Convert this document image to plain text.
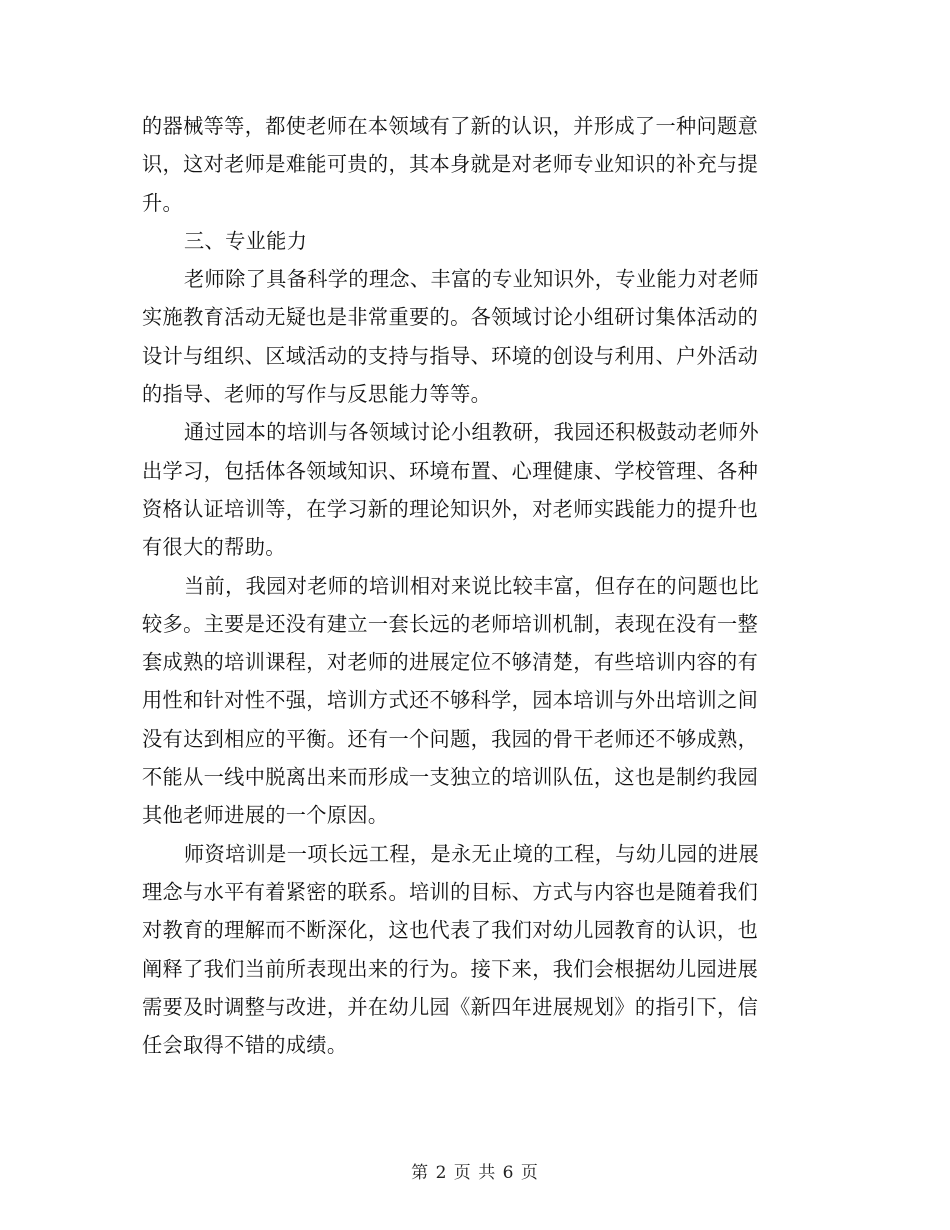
的器械等等，都使老师在本领域有了新的认识，并形成了一种问题意
识，这对老师是难能可贵的，其本身就是对老师专业知识的补充与提
升。
三、专业能力
老师除了具备科学的理念、丰富的专业知识外，专业能力对老师
实施教育活动无疑也是非常重要的。各领域讨论小组研讨集体活动的
设计与组织、区域活动的支持与指导、环境的创设与利用、户外活动
的指导、老师的写作与反思能力等等。
通过园本的培训与各领域讨论小组教研，我园还积极鼓动老师外
出学习，包括体各领域知识、环境布置、心理健康、学校管理、各种
资格认证培训等，在学习新的理论知识外，对老师实践能力的提升也
有很大的帮助。
当前，我园对老师的培训相对来说比较丰富，但存在的问题也比
较多。主要是还没有建立一套长远的老师培训机制，表现在没有一整
套成熟的培训课程，对老师的进展定位不够清楚，有些培训内容的有
用性和针对性不强，培训方式还不够科学，园本培训与外出培训之间
没有达到相应的平衡。还有一个问题，我园的骨干老师还不够成熟，
不能从一线中脱离出来而形成一支独立的培训队伍，这也是制约我园
其他老师进展的一个原因。
师资培训是一项长远工程，是永无止境的工程，与幼儿园的进展
理念与水平有着紧密的联系。培训的目标、方式与内容也是随着我们
对教育的理解而不断深化，这也代表了我们对幼儿园教育的认识，也
阐释了我们当前所表现出来的行为。接下来，我们会根据幼儿园进展
需要及时调整与改进，并在幼儿园《新四年进展规划》的指引下，信
任会取得不错的成绩。
第 2 页 共 6 页
